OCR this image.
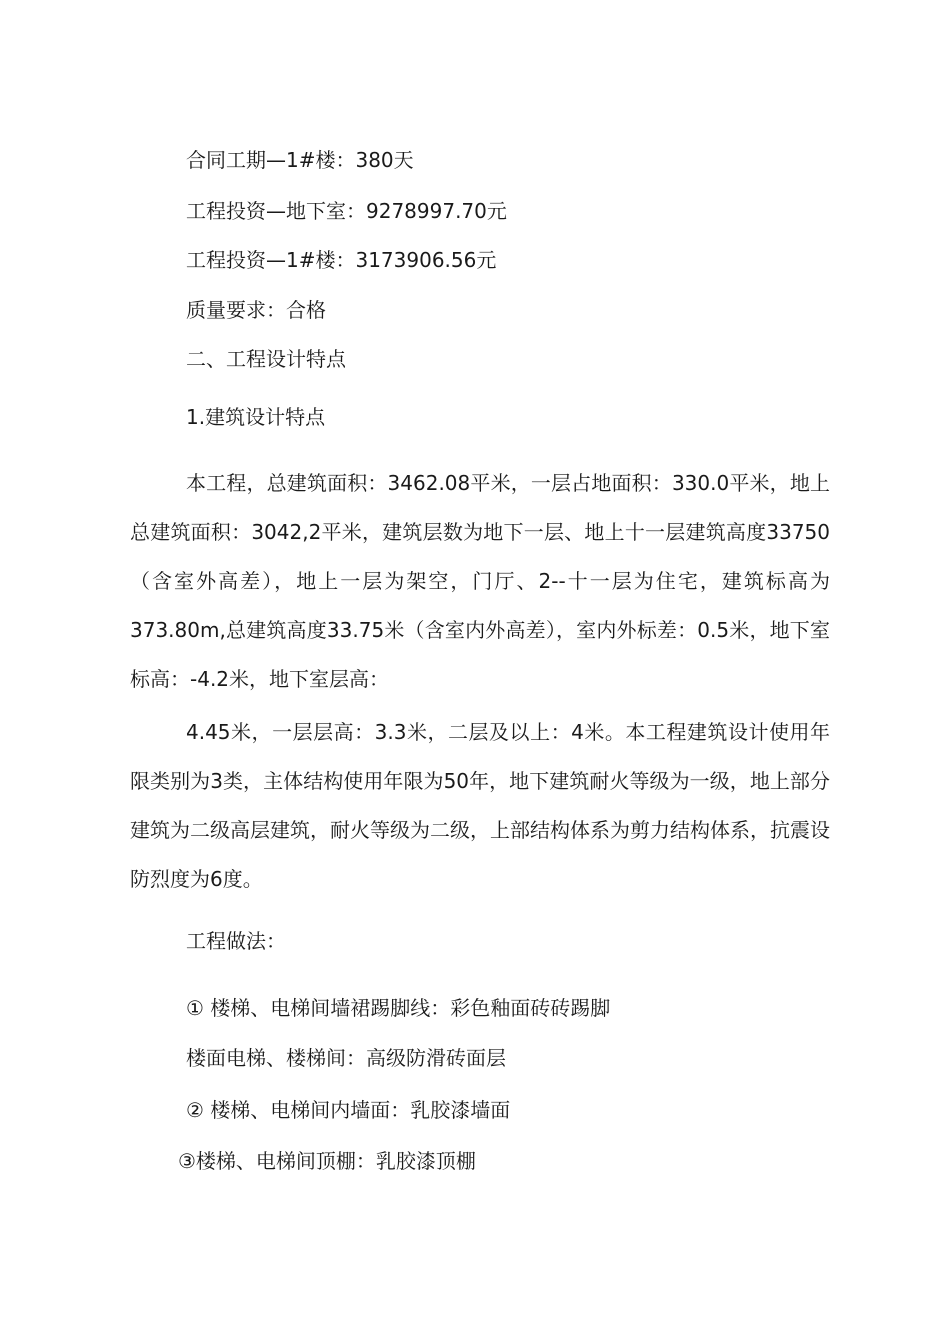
合同工期—1#楼：380天

工程投资—地下室：9278997.70元

工程投资—1#楼：3173906.56元

质量要求：合格

二、工程设计特点

1.建筑设计特点

本工程，总建筑面积：3462.08平米，一层占地面积：330.0平米，地上总建筑面积：3042,2平米，建筑层数为地下一层、地上十一层建筑高度33750（含室外高差），地上一层为架空，门厅、2--十一层为住宅，建筑标高为373.80m,总建筑高度33.75米（含室内外高差），室内外标差：0.5米，地下室标高：-4.2米，地下室层高：

4.45米，一层层高：3.3米，二层及以上：4米。本工程建筑设计使用年限类别为3类，主体结构使用年限为50年，地下建筑耐火等级为一级，地上部分建筑为二级高层建筑，耐火等级为二级，上部结构体系为剪力结构体系，抗震设防烈度为6度。

工程做法：

① 楼梯、电梯间墙裙踢脚线：彩色釉面砖砖踢脚

楼面电梯、楼梯间：高级防滑砖面层

② 楼梯、电梯间内墙面：乳胶漆墙面

③楼梯、电梯间顶棚：乳胶漆顶棚
